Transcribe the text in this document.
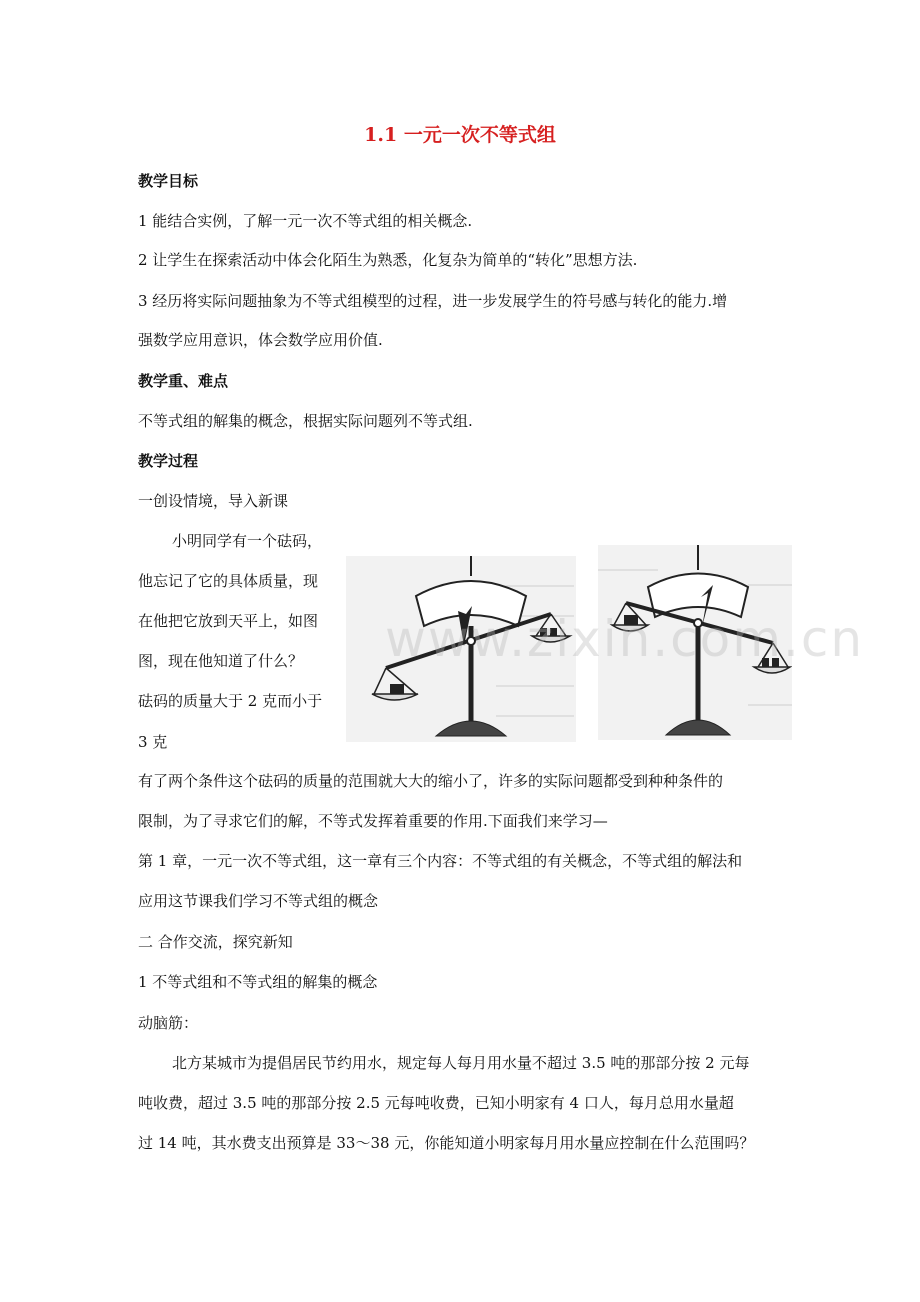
1.1 一元一次不等式组
教学目标
1 能结合实例，了解一元一次不等式组的相关概念.
2 让学生在探索活动中体会化陌生为熟悉，化复杂为简单的“转化”思想方法.
3 经历将实际问题抽象为不等式组模型的过程，进一步发展学生的符号感与转化的能力.增
强数学应用意识，体会数学应用价值.
教学重、难点
不等式组的解集的概念，根据实际问题列不等式组.
教学过程
一创设情境，导入新课
小明同学有一个砝码，
他忘记了它的具体质量，现
在他把它放到天平上，如图
图，现在他知道了什么？
砝码的质量大于 2 克而小于
3 克
www.zixin.com.cn
有了两个条件这个砝码的质量的范围就大大的缩小了，许多的实际问题都受到种种条件的
限制，为了寻求它们的解，不等式发挥着重要的作用.下面我们来学习—
第 1 章，一元一次不等式组，这一章有三个内容：不等式组的有关概念，不等式组的解法和
应用这节课我们学习不等式组的概念
二 合作交流，探究新知
1 不等式组和不等式组的解集的概念
动脑筋：
北方某城市为提倡居民节约用水，规定每人每月用水量不超过 3.5 吨的那部分按 2 元每
吨收费，超过 3.5 吨的那部分按 2.5 元每吨收费，已知小明家有 4 口人，每月总用水量超
过 14 吨，其水费支出预算是 33～38 元，你能知道小明家每月用水量应控制在什么范围吗？
